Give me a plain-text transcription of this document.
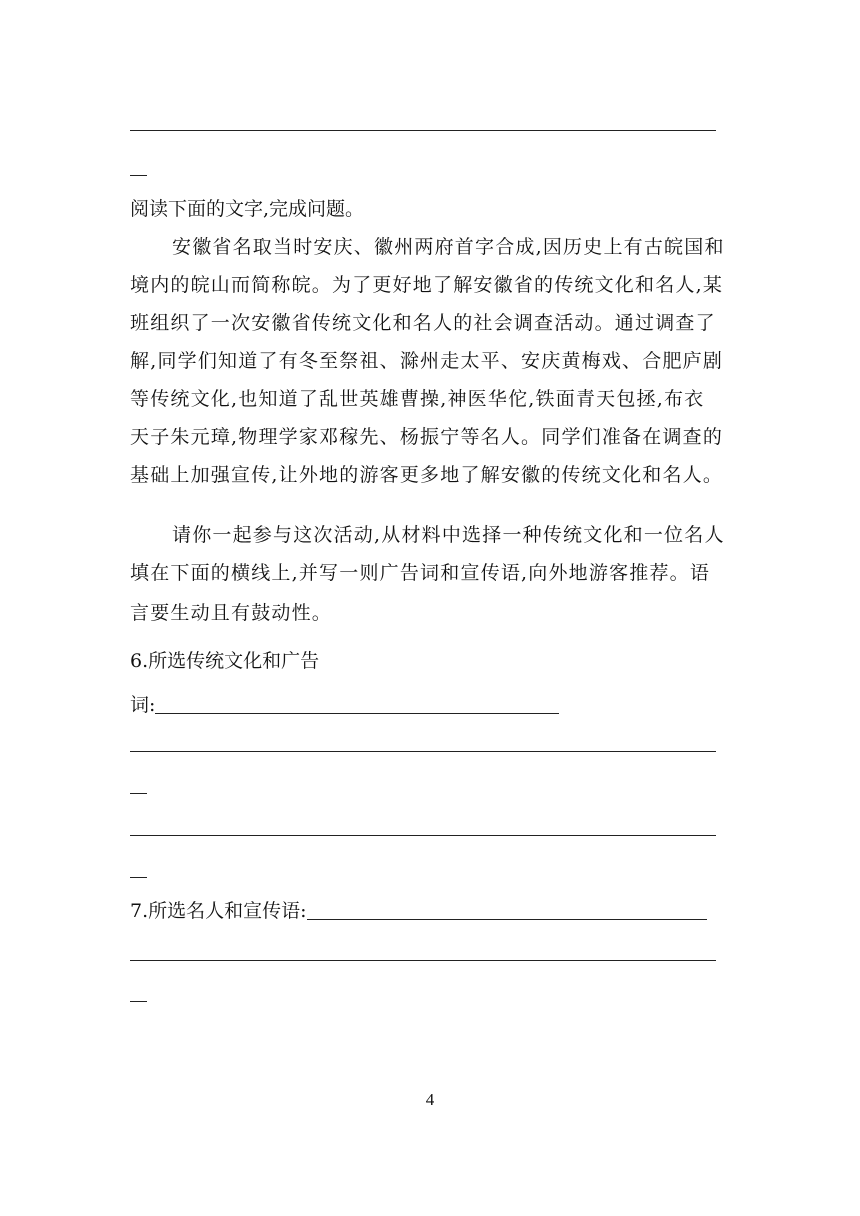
阅读下面的文字,完成问题。
安徽省名取当时安庆、徽州两府首字合成,因历史上有古皖国和
境内的皖山而简称皖。为了更好地了解安徽省的传统文化和名人,某
班组织了一次安徽省传统文化和名人的社会调查活动。通过调查了
解,同学们知道了有冬至祭祖、滁州走太平、安庆黄梅戏、合肥庐剧
等传统文化,也知道了乱世英雄曹操,神医华佗,铁面青天包拯,布衣
天子朱元璋,物理学家邓稼先、杨振宁等名人。同学们准备在调查的
基础上加强宣传,让外地的游客更多地了解安徽的传统文化和名人。
请你一起参与这次活动,从材料中选择一种传统文化和一位名人
填在下面的横线上,并写一则广告词和宣传语,向外地游客推荐。语
言要生动且有鼓动性。
6.所选传统文化和广告
词:
7.所选名人和宣传语:
4
